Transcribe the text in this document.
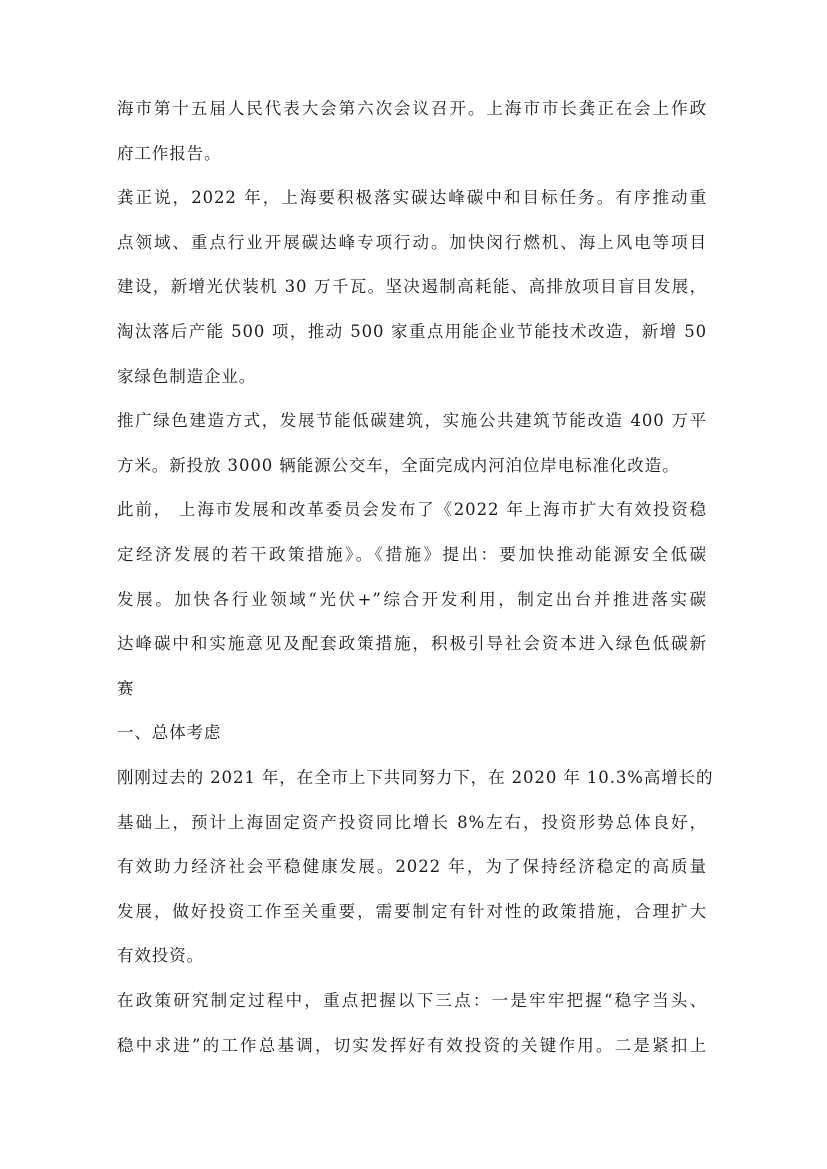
海市第十五届人民代表大会第六次会议召开。上海市市长龚正在会上作政
府工作报告。
龚正说，2022 年，上海要积极落实碳达峰碳中和目标任务。有序推动重
点领域、重点行业开展碳达峰专项行动。加快闵行燃机、海上风电等项目
建设，新增光伏装机 30 万千瓦。坚决遏制高耗能、高排放项目盲目发展，
淘汰落后产能 500 项，推动 500 家重点用能企业节能技术改造，新增 50
家绿色制造企业。
推广绿色建造方式，发展节能低碳建筑，实施公共建筑节能改造 400 万平
方米。新投放 3000 辆能源公交车，全面完成内河泊位岸电标准化改造。
此前， 上海市发展和改革委员会发布了《2022 年上海市扩大有效投资稳
定经济发展的若干政策措施》。《措施》提出：要加快推动能源安全低碳
发展。加快各行业领域“光伏+”综合开发利用，制定出台并推进落实碳
达峰碳中和实施意见及配套政策措施，积极引导社会资本进入绿色低碳新
赛
一、总体考虑
刚刚过去的 2021 年，在全市上下共同努力下，在 2020 年 10.3%高增长的
基础上，预计上海固定资产投资同比增长 8%左右，投资形势总体良好，
有效助力经济社会平稳健康发展。2022 年，为了保持经济稳定的高质量
发展，做好投资工作至关重要，需要制定有针对性的政策措施，合理扩大
有效投资。
在政策研究制定过程中，重点把握以下三点：一是牢牢把握“稳字当头、
稳中求进”的工作总基调，切实发挥好有效投资的关键作用。二是紧扣上
